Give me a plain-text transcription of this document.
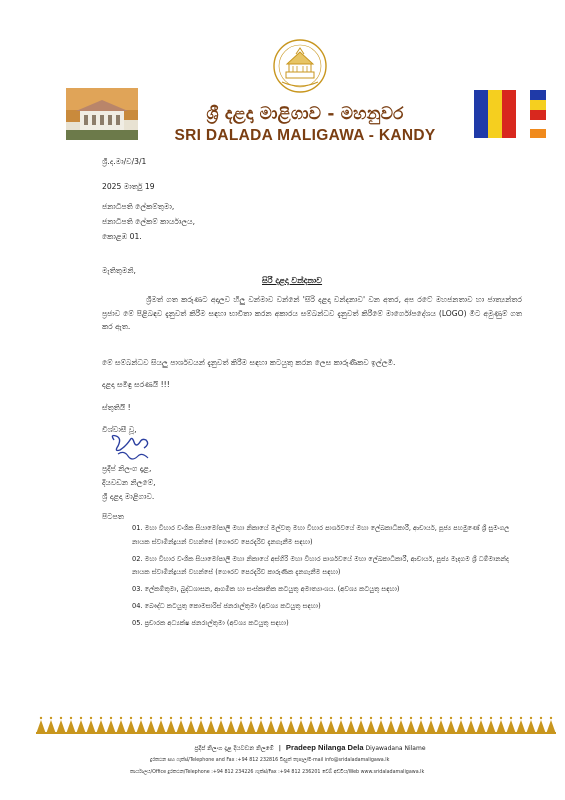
ශ්‍රී දළදා මාළිගාව - මහනුවර
SRI DALADA MALIGAWA - KANDY
ශ්‍රී.ද.මා/ව/3/1
2025 මාර්තු 19
ජනාධිපති ලේකම්තුමා,
ජනාධිපති ලේකම් කාර්යාලය,
කොළඹ 01.
මැතිතුමනි,
සිරි දළදා වන්දනාව
ශ්‍රීමත් ගත කරුණට අදාලව හිලු වන්මාව වන්නේ 'සිරි දළදා වන්දනාව' වන අතර, අප රටේ මහජනතාව හා ජාත්‍යන්තර ප්‍රජාව මේ පිළිබඳව දැනුවත් කිරීම සඳහා භාවිතා කරන අකාරය සම්බන්ධව දැනුවත් කිරීමේ මාර්ගෝපදේශය (LOGO) මීට අමුණුම් ගත කර ඇත.
මේ සම්බන්ධව සියලු පාර්ශවයන් දැනුවත් කිරීම සඳහා කටයුතු කරන ලෙස කාරුණිකව ඉල්ලමි.
දළදා සමිඳු සරණයි !!!
ස්තුතියි !
විශ්වාසී වූ,
ප්‍රදීප් නිලංග දෑළ,
දියවඩන නිලමේ,
ශ්‍රී දළදා මාළිගාව.
පිටපත
01. මහා විහාර වංශික සියාමෝපාලි මහා නිකායේ මල්වතු මහා විහාර පාර්ශවයේ මහා ලේඛකාධිකාරී, ආචාර්ය, පූජ්‍ය පහමුණේ ශ්‍රී සුමංගල නායක ස්වාමීන්ද්‍රයන් වහන්සේ (ගෞරව පෙරදැරිව දැනගැනීම සඳහා)
02. මහා විහාර වංශික සියාමෝපාලි මහා නිකායේ අස්ගිරි මහා විහාර පාර්ශවයේ මහා ලේඛකාධිකාරී, ආචාර්ය, පූජ්‍ය මැදගම ශ්‍රී ධම්මානන්ද නායක ස්වාමීන්ද්‍රයන් වහන්සේ (ගෞරව පෙරදැරිව කාරුණික දැනගැනීම සඳහා)
03. ලේකම්තුමා, බුද්ධශාසන, ආගමික හා සංස්කෘතික කටයුතු අමාත්‍යාංශය. (අවශ්‍ය කටයුතු සඳහා)
04. බෞද්ධ කටයුතු කොමසාරිස් ජනරාල්තුමා (අවශ්‍ය කටයුතු සඳහා)
05. ප්‍රචාරක අධ්‍යක්ෂ ජනරාල්තුමා (අවශ්‍ය කටයුතු සඳහා)
ප්‍රදීප් නිලංග දෑළ දියවඩන නිලමේ | Pradeep Nilanga Dela Diyawadana Nilame
දුරකථන සහ ෆැක්ස්/Telephone and Fax :+94 812 232816 විද්‍යුත් තැපෑල/E-mail info@sridaladamaligawa.lk
කාර්යාලය/Office දුරකථන/Telephone :+94 812 234226 ෆැක්ස්/Fax :+94 812 236201 වෙබ් අඩවිය/Web www.sridaladamaligawa.lk
